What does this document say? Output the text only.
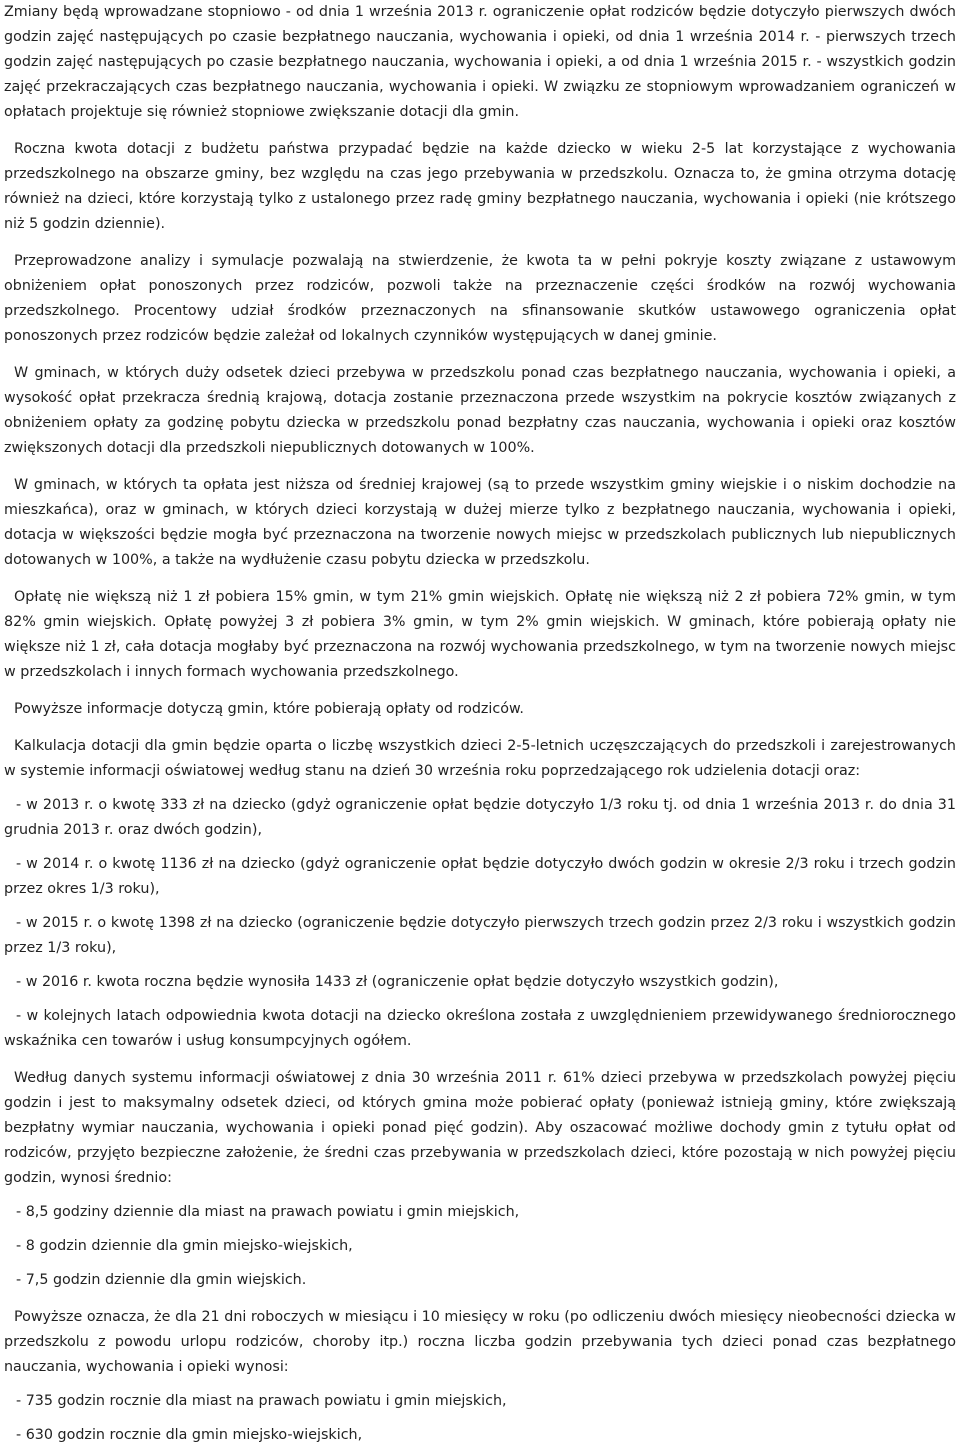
Zmiany będą wprowadzane stopniowo - od dnia 1 września 2013 r. ograniczenie opłat rodziców będzie dotyczyło pierwszych dwóch godzin zajęć następujących po czasie bezpłatnego nauczania, wychowania i opieki, od dnia 1 września 2014 r. - pierwszych trzech godzin zajęć następujących po czasie bezpłatnego nauczania, wychowania i opieki, a od dnia 1 września 2015 r. - wszystkich godzin zajęć przekraczających czas bezpłatnego nauczania, wychowania i opieki. W związku ze stopniowym wprowadzaniem ograniczeń w opłatach projektuje się również stopniowe zwiększanie dotacji dla gmin.

Roczna kwota dotacji z budżetu państwa przypadać będzie na każde dziecko w wieku 2-5 lat korzystające z wychowania przedszkolnego na obszarze gminy, bez względu na czas jego przebywania w przedszkolu. Oznacza to, że gmina otrzyma dotację również na dzieci, które korzystają tylko z ustalonego przez radę gminy bezpłatnego nauczania, wychowania i opieki (nie krótszego niż 5 godzin dziennie).

Przeprowadzone analizy i symulacje pozwalają na stwierdzenie, że kwota ta w pełni pokryje koszty związane z ustawowym obniżeniem opłat ponoszonych przez rodziców, pozwoli także na przeznaczenie części środków na rozwój wychowania przedszkolnego. Procentowy udział środków przeznaczonych na sfinansowanie skutków ustawowego ograniczenia opłat ponoszonych przez rodziców będzie zależał od lokalnych czynników występujących w danej gminie.

W gminach, w których duży odsetek dzieci przebywa w przedszkolu ponad czas bezpłatnego nauczania, wychowania i opieki, a wysokość opłat przekracza średnią krajową, dotacja zostanie przeznaczona przede wszystkim na pokrycie kosztów związanych z obniżeniem opłaty za godzinę pobytu dziecka w przedszkolu ponad bezpłatny czas nauczania, wychowania i opieki oraz kosztów zwiększonych dotacji dla przedszkoli niepublicznych dotowanych w 100%.

W gminach, w których ta opłata jest niższa od średniej krajowej (są to przede wszystkim gminy wiejskie i o niskim dochodzie na mieszkańca), oraz w gminach, w których dzieci korzystają w dużej mierze tylko z bezpłatnego nauczania, wychowania i opieki, dotacja w większości będzie mogła być przeznaczona na tworzenie nowych miejsc w przedszkolach publicznych lub niepublicznych dotowanych w 100%, a także na wydłużenie czasu pobytu dziecka w przedszkolu.

Opłatę nie większą niż 1 zł pobiera 15% gmin, w tym 21% gmin wiejskich. Opłatę nie większą niż 2 zł pobiera 72% gmin, w tym 82% gmin wiejskich. Opłatę powyżej 3 zł pobiera 3% gmin, w tym 2% gmin wiejskich. W gminach, które pobierają opłaty nie większe niż 1 zł, cała dotacja mogłaby być przeznaczona na rozwój wychowania przedszkolnego, w tym na tworzenie nowych miejsc w przedszkolach i innych formach wychowania przedszkolnego.

Powyższe informacje dotyczą gmin, które pobierają opłaty od rodziców.

Kalkulacja dotacji dla gmin będzie oparta o liczbę wszystkich dzieci 2-5-letnich uczęszczających do przedszkoli i zarejestrowanych w systemie informacji oświatowej według stanu na dzień 30 września roku poprzedzającego rok udzielenia dotacji oraz:

- w 2013 r. o kwotę 333 zł na dziecko (gdyż ograniczenie opłat będzie dotyczyło 1/3 roku tj. od dnia 1 września 2013 r. do dnia 31 grudnia 2013 r. oraz dwóch godzin),

- w 2014 r. o kwotę 1136 zł na dziecko (gdyż ograniczenie opłat będzie dotyczyło dwóch godzin w okresie 2/3 roku i trzech godzin przez okres 1/3 roku),

- w 2015 r. o kwotę 1398 zł na dziecko (ograniczenie będzie dotyczyło pierwszych trzech godzin przez 2/3 roku i wszystkich godzin przez 1/3 roku),

- w 2016 r. kwota roczna będzie wynosiła 1433 zł (ograniczenie opłat będzie dotyczyło wszystkich godzin),

- w kolejnych latach odpowiednia kwota dotacji na dziecko określona została z uwzględnieniem przewidywanego średniorocznego wskaźnika cen towarów i usług konsumpcyjnych ogółem.

Według danych systemu informacji oświatowej z dnia 30 września 2011 r. 61% dzieci przebywa w przedszkolach powyżej pięciu godzin i jest to maksymalny odsetek dzieci, od których gmina może pobierać opłaty (ponieważ istnieją gminy, które zwiększają bezpłatny wymiar nauczania, wychowania i opieki ponad pięć godzin). Aby oszacować możliwe dochody gmin z tytułu opłat od rodziców, przyjęto bezpieczne założenie, że średni czas przebywania w przedszkolach dzieci, które pozostają w nich powyżej pięciu godzin, wynosi średnio:

- 8,5 godziny dziennie dla miast na prawach powiatu i gmin miejskich,

- 8 godzin dziennie dla gmin miejsko-wiejskich,

- 7,5 godzin dziennie dla gmin wiejskich.

Powyższe oznacza, że dla 21 dni roboczych w miesiącu i 10 miesięcy w roku (po odliczeniu dwóch miesięcy nieobecności dziecka w przedszkolu z powodu urlopu rodziców, choroby itp.) roczna liczba godzin przebywania tych dzieci ponad czas bezpłatnego nauczania, wychowania i opieki wynosi:

- 735 godzin rocznie dla miast na prawach powiatu i gmin miejskich,

- 630 godzin rocznie dla gmin miejsko-wiejskich,
